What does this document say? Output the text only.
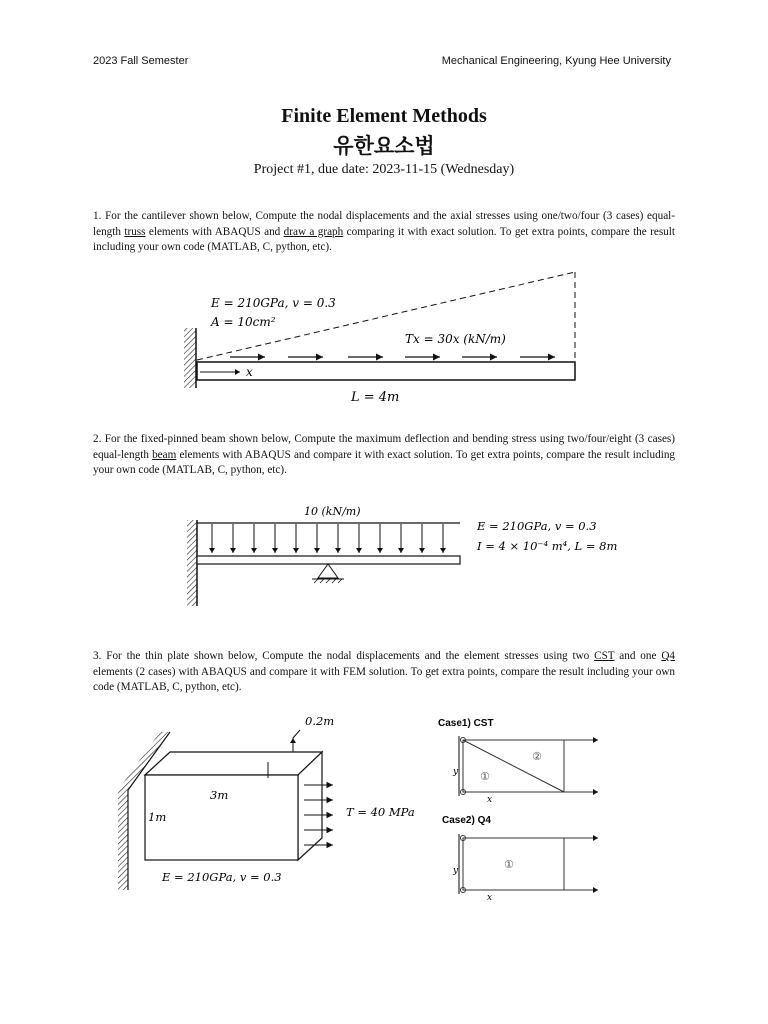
2023 Fall Semester	Mechanical Engineering, Kyung Hee University
Finite Element Methods
유한요소법
Project #1, due date: 2023-11-15 (Wednesday)
1. For the cantilever shown below, Compute the nodal displacements and the axial stresses using one/two/four (3 cases) equal-length truss elements with ABAQUS and draw a graph comparing it with exact solution. To get extra points, compare the result including your own code (MATLAB, C, python, etc).
2. For the fixed-pinned beam shown below, Compute the maximum deflection and bending stress using two/four/eight (3 cases) equal-length beam elements with ABAQUS and compare it with exact solution. To get extra points, compare the result including your own code (MATLAB, C, python, etc).
3. For the thin plate shown below, Compute the nodal displacements and the element stresses using two CST and one Q4 elements (2 cases) with ABAQUS and compare it with FEM solution. To get extra points, compare the result including your own code (MATLAB, C, python, etc).
x
E = 210GPa, v = 0.3
A = 10cm²
Tx = 30x (kN/m)
L = 4m
10 (kN/m)
E = 210GPa, v = 0.3
I = 4 × 10⁻⁴ m⁴, L = 8m
0.2m
3m
1m	T = 40 MPa
E = 210GPa, v = 0.3
Case1) CST
②
①
y
x
Case2) Q4
①
y
x
